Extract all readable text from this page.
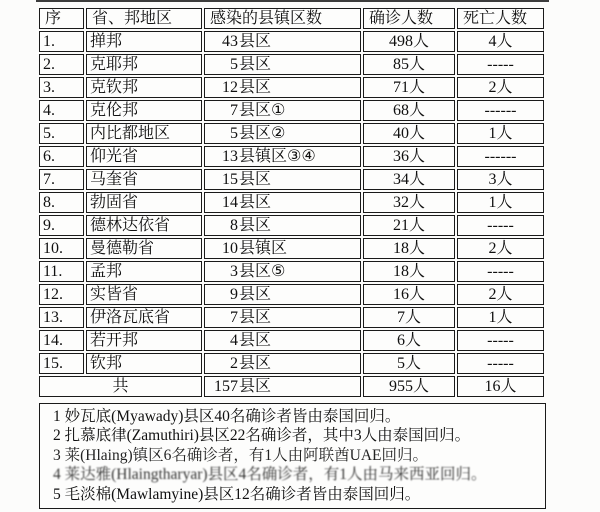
序	省、邦地区	感染的县镇区数	确诊人数	死亡人数
1.	掸邦	43县区	498人	4人
2.	克耶邦	5县区	85人	-----
3.	克钦邦	12县区	71人	2人
4.	克伦邦	7县区①	68人	------
5.	内比都地区	5县区②	40人	1人
6.	仰光省	13县镇区③④	36人	------
7.	马奎省	15县区	34人	3人
8.	勃固省	14县区	32人	1人
9.	德林达依省	8县区	21人	-----
10.	曼德勒省	10县镇区	18人	2人
11.	孟邦	3县区⑤	18人	-----
12.	实皆省	9县区	16人	2人
13.	伊洛瓦底省	7县区	7人	1人
14.	若开邦	4县区	6人	-----
15.	钦邦	2县区	5人	-----
共		157县区	955人	16人
1 妙瓦底(Myawady)县区40名确诊者皆由泰国回归。
2 扎慕底律(Zamuthiri)县区22名确诊者，其中3人由泰国回归。
3 莱(Hlaing)镇区6名确诊者，有1人由阿联酋UAE回归。
4 莱达雅(Hlaingtharyar)县区4名确诊者，有1人由马来西亚回归。
5 毛淡棉(Mawlamyine)县区12名确诊者皆由泰国回归。
